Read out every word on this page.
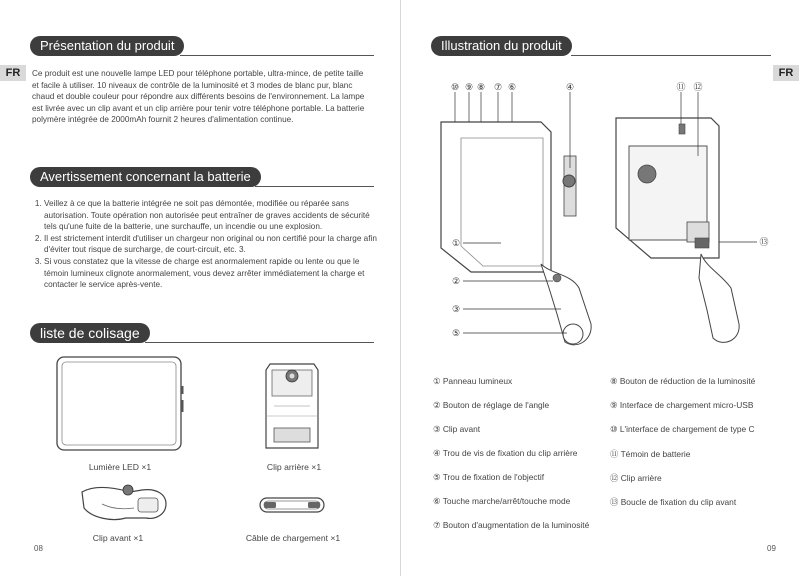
FR
Présentation du produit
Ce produit est une nouvelle lampe LED pour téléphone portable, ultra-mince, de petite taille et facile à utiliser. 10 niveaux de contrôle de la luminosité et 3 modes de blanc pur, blanc chaud et double couleur pour répondre aux différents besoins de l'environnement. La lampe est livrée avec un clip avant et un clip arrière pour tenir votre téléphone portable. La batterie polymère intégrée de 2000mAh fournit 2 heures d'alimentation continue.
Avertissement concernant la batterie
1. Veillez à ce que la batterie intégrée ne soit pas démontée, modifiée ou réparée sans autorisation. Toute opération non autorisée peut entraîner de graves accidents de sécurité tels qu'une fuite de la batterie, une surchauffe, un incendie ou une explosion.
2. Il est strictement interdit d'utiliser un chargeur non original ou non certifié pour la charge afin d'éviter tout risque de surcharge, de court-circuit, etc. 3.
3. Si vous constatez que la vitesse de charge est anormalement rapide ou lente ou que le témoin lumineux clignote anormalement, vous devez arrêter immédiatement la charge et contacter le service après-vente.
liste de colisage
Lumière LED ×1	Clip arrière ×1
Clip avant ×1	Câble de chargement ×1
08
FR
Illustration du produit
⑩ ⑨ ⑧ ⑦ ⑥	④	⑪ ⑫
①
②
③
⑤
⑬
① Panneau lumineux
② Bouton de réglage de l'angle
③ Clip avant
④ Trou de vis de fixation du clip arrière
⑤ Trou de fixation de l'objectif
⑥ Touche marche/arrêt/touche mode
⑦ Bouton d'augmentation de la luminosité
⑧ Bouton de réduction de la luminosité
⑨ Interface de chargement micro-USB
⑩ L'interface de chargement de type C
⑪ Témoin de batterie
⑫ Clip arrière
⑬ Boucle de fixation du clip avant
09
